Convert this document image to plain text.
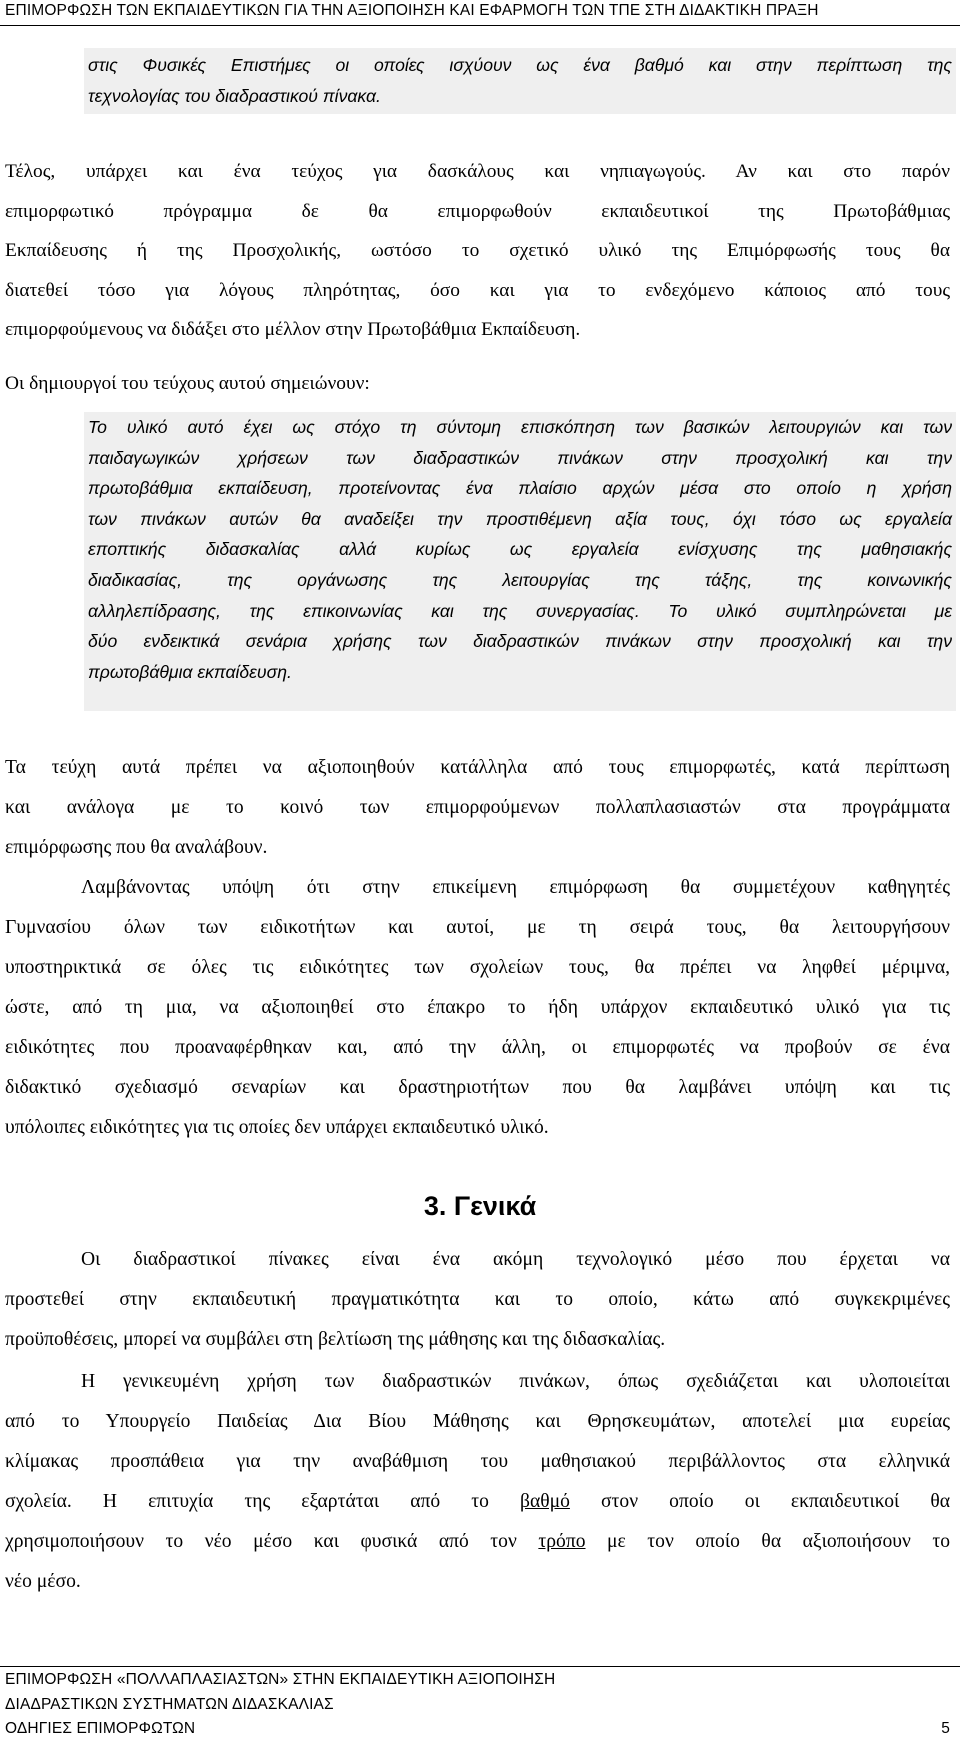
ΕΠΙΜΟΡΦΩΣΗ ΤΩΝ ΕΚΠΑΙΔΕΥΤΙΚΩΝ ΓΙΑ ΤΗΝ ΑΞΙΟΠΟΙΗΣΗ ΚΑΙ ΕΦΑΡΜΟΓΗ ΤΩΝ ΤΠΕ ΣΤΗ ΔΙΔΑΚΤΙΚΗ ΠΡΑΞΗ
στις Φυσικές Επιστήμες οι οποίες ισχύουν ως ένα βαθμό και στην περίπτωση της
τεχνολογίας του διαδραστικού πίνακα.
Τέλος, υπάρχει και ένα τεύχος για δασκάλους και νηπιαγωγούς. Αν και στο παρόν
επιμορφωτικό πρόγραμμα δε θα επιμορφωθούν εκπαιδευτικοί της Πρωτοβάθμιας
Εκπαίδευσης ή της Προσχολικής, ωστόσο το σχετικό υλικό της Επιμόρφωσής τους θα
διατεθεί τόσο για λόγους πληρότητας, όσο και για το ενδεχόμενο κάποιος από τους
επιμορφούμενους να διδάξει στο μέλλον στην Πρωτοβάθμια Εκπαίδευση.
Οι δημιουργοί του τεύχους αυτού σημειώνουν:
Το υλικό αυτό έχει ως στόχο τη σύντομη επισκόπηση των βασικών λειτουργιών και των
παιδαγωγικών χρήσεων των διαδραστικών πινάκων στην προσχολική και την
πρωτοβάθμια εκπαίδευση, προτείνοντας ένα πλαίσιο αρχών μέσα στο οποίο η χρήση
των πινάκων αυτών θα αναδείξει την προστιθέμενη αξία τους, όχι τόσο ως εργαλεία
εποπτικής διδασκαλίας αλλά κυρίως ως εργαλεία ενίσχυσης της μαθησιακής
διαδικασίας, της οργάνωσης της λειτουργίας της τάξης, της κοινωνικής
αλληλεπίδρασης, της επικοινωνίας και της συνεργασίας. Το υλικό συμπληρώνεται με
δύο ενδεικτικά σενάρια χρήσης των διαδραστικών πινάκων στην προσχολική και την
πρωτοβάθμια εκπαίδευση.
Τα τεύχη αυτά πρέπει να αξιοποιηθούν κατάλληλα από τους επιμορφωτές, κατά περίπτωση
και ανάλογα με το κοινό των επιμορφούμενων πολλαπλασιαστών στα προγράμματα
επιμόρφωσης που θα αναλάβουν.
Λαμβάνοντας υπόψη ότι στην επικείμενη επιμόρφωση θα συμμετέχουν καθηγητές
Γυμνασίου όλων των ειδικοτήτων και αυτοί, με τη σειρά τους, θα λειτουργήσουν
υποστηρικτικά σε όλες τις ειδικότητες των σχολείων τους, θα πρέπει να ληφθεί μέριμνα,
ώστε, από τη μια, να αξιοποιηθεί στο έπακρο το ήδη υπάρχον εκπαιδευτικό υλικό για τις
ειδικότητες που προαναφέρθηκαν και, από την άλλη, οι επιμορφωτές να προβούν σε ένα
διδακτικό σχεδιασμό σεναρίων και δραστηριοτήτων που θα λαμβάνει υπόψη και τις
υπόλοιπες ειδικότητες για τις οποίες δεν υπάρχει εκπαιδευτικό υλικό.
3. Γενικά
Οι διαδραστικοί πίνακες είναι ένα ακόμη τεχνολογικό μέσο που έρχεται να
προστεθεί στην εκπαιδευτική πραγματικότητα και το οποίο, κάτω από συγκεκριμένες
προϋποθέσεις, μπορεί να συμβάλει στη βελτίωση της μάθησης και της διδασκαλίας.
Η γενικευμένη χρήση των διαδραστικών πινάκων, όπως σχεδιάζεται και υλοποιείται
από το Υπουργείο Παιδείας Δια Βίου Μάθησης και Θρησκευμάτων, αποτελεί μια ευρείας
κλίμακας προσπάθεια για την αναβάθμιση του μαθησιακού περιβάλλοντος στα ελληνικά
σχολεία. Η επιτυχία της εξαρτάται από το βαθμό στον οποίο οι εκπαιδευτικοί θα
χρησιμοποιήσουν το νέο μέσο και φυσικά από τον τρόπο με τον οποίο θα αξιοποιήσουν το
νέο μέσο.
ΕΠΙΜΟΡΦΩΣΗ «ΠΟΛΛΑΠΛΑΣΙΑΣΤΩΝ» ΣΤΗΝ ΕΚΠΑΙΔΕΥΤΙΚΗ ΑΞΙΟΠΟΙΗΣΗ
ΔΙΑΔΡΑΣΤΙΚΩΝ ΣΥΣΤΗΜΑΤΩΝ ΔΙΔΑΣΚΑΛΙΑΣ
ΟΔΗΓΙΕΣ ΕΠΙΜΟΡΦΩΤΩΝ	5
